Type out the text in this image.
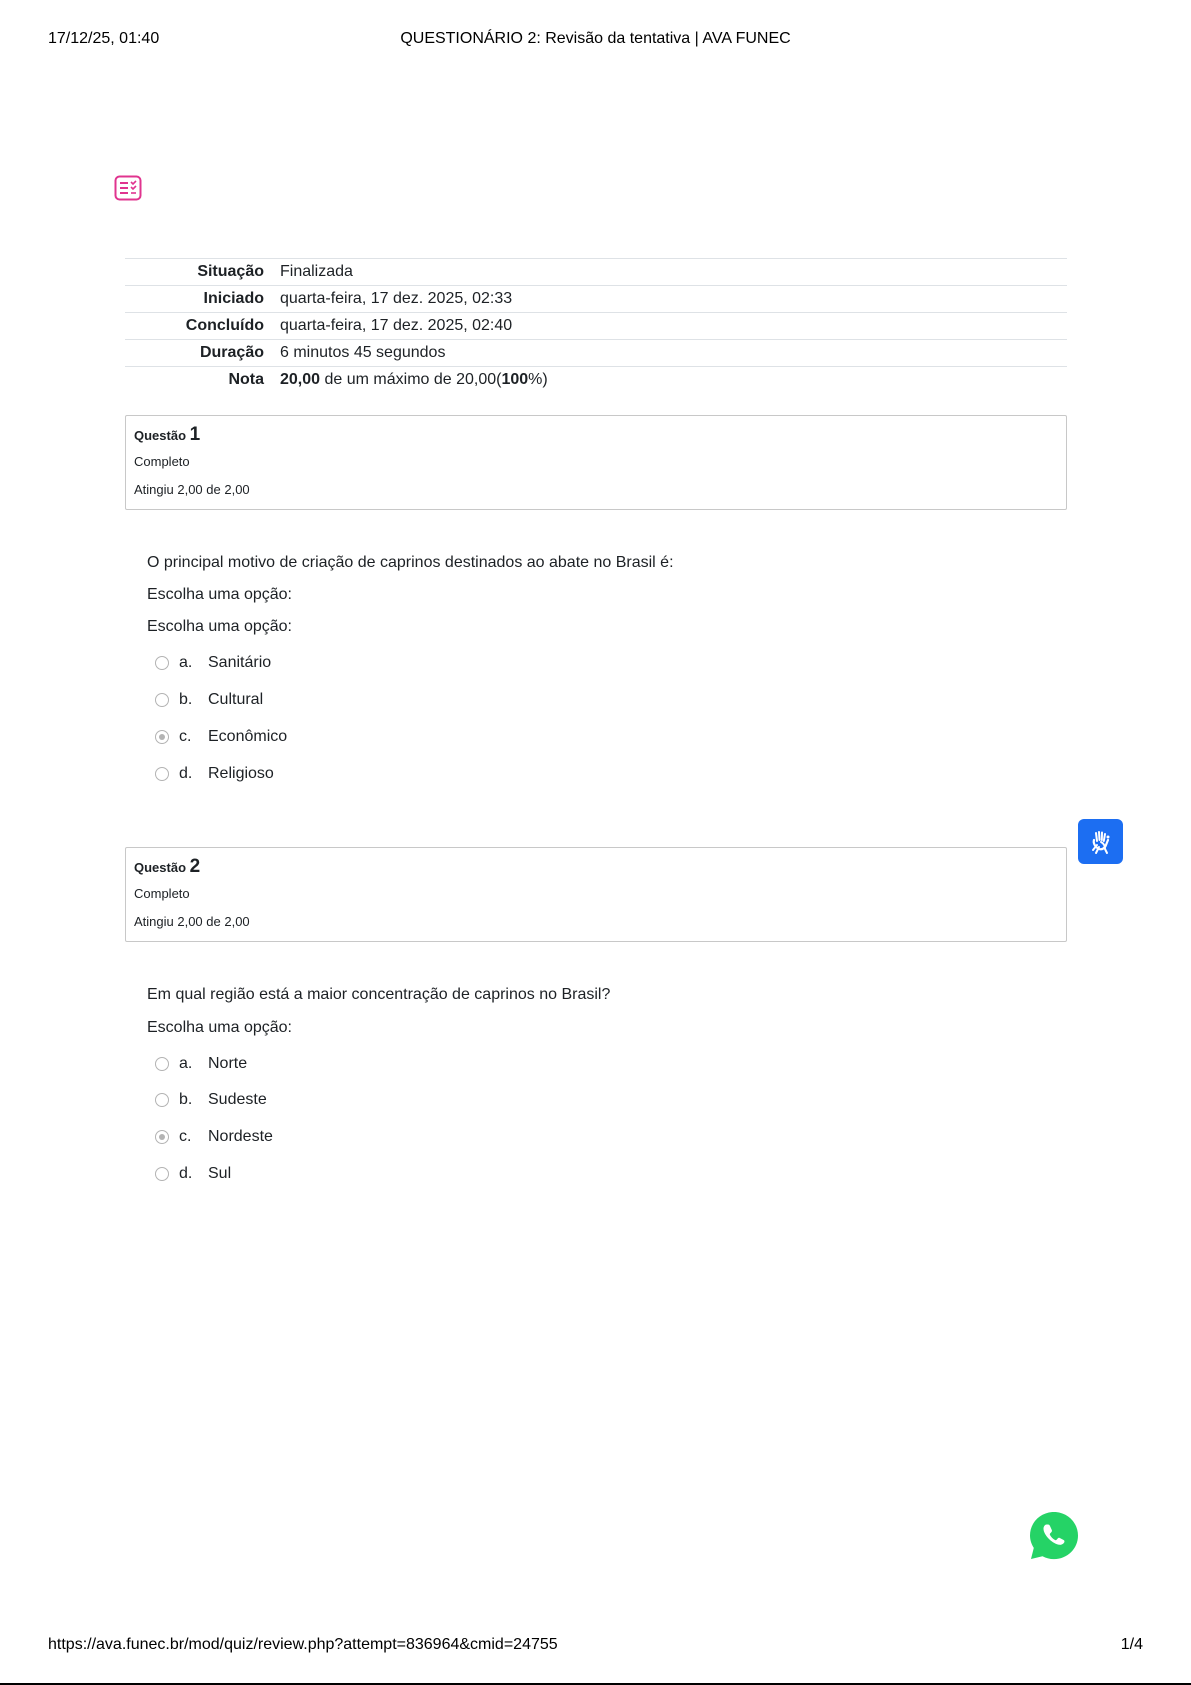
17/12/25, 01:40	QUESTIONÁRIO 2: Revisão da tentativa | AVA FUNEC
Situação	Finalizada
Iniciado	quarta-feira, 17 dez. 2025, 02:33
Concluído	quarta-feira, 17 dez. 2025, 02:40
Duração	6 minutos 45 segundos
Nota	20,00 de um máximo de 20,00(100%)
Questão 1
Completo
Atingiu 2,00 de 2,00
O principal motivo de criação de caprinos destinados ao abate no Brasil é:
Escolha uma opção:
Escolha uma opção:
a. Sanitário
b. Cultural
c.	Econômico
d. Religioso
Questão 2
Completo
Atingiu 2,00 de 2,00
Em qual região está a maior concentração de caprinos no Brasil?
Escolha uma opção:
a. Norte
b. Sudeste
c.	Nordeste
d. Sul
https://ava.funec.br/mod/quiz/review.php?attempt=836964&cmid=24755	1/4
